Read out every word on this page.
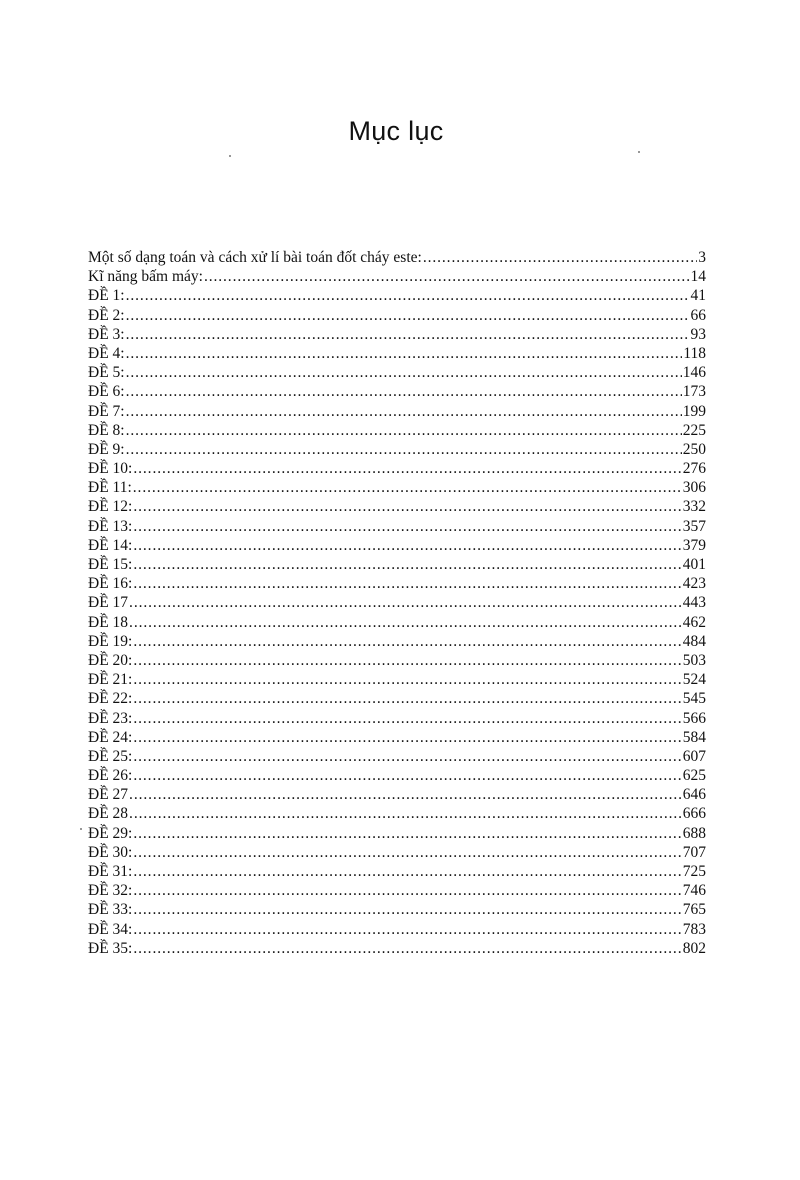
Mục lục
Một số dạng toán và cách xử lí bài toán đốt cháy este: .....	3
Kĩ năng bấm máy: .....	14
ĐỀ 1: .....	41
ĐỀ 2: .....	66
ĐỀ 3: .....	93
ĐỀ 4: .....	118
ĐỀ 5: .....	146
ĐỀ 6: .....	173
ĐỀ 7: .....	199
ĐỀ 8: .....	225
ĐỀ 9: .....	250
ĐỀ 10: .....	276
ĐỀ 11: .....	306
ĐỀ 12: .....	332
ĐỀ 13: .....	357
ĐỀ 14: .....	379
ĐỀ 15: .....	401
ĐỀ 16: .....	423
ĐỀ 17 .....	443
ĐỀ 18 .....	462
ĐỀ 19: .....	484
ĐỀ 20: .....	503
ĐỀ 21: .....	524
ĐỀ 22: .....	545
ĐỀ 23: .....	566
ĐỀ 24: .....	584
ĐỀ 25: .....	607
ĐỀ 26: .....	625
ĐỀ 27 .....	646
ĐỀ 28 .....	666
ĐỀ 29: .....	688
ĐỀ 30: .....	707
ĐỀ 31: .....	725
ĐỀ 32: .....	746
ĐỀ 33: .....	765
ĐỀ 34: .....	783
ĐỀ 35: .....	802
